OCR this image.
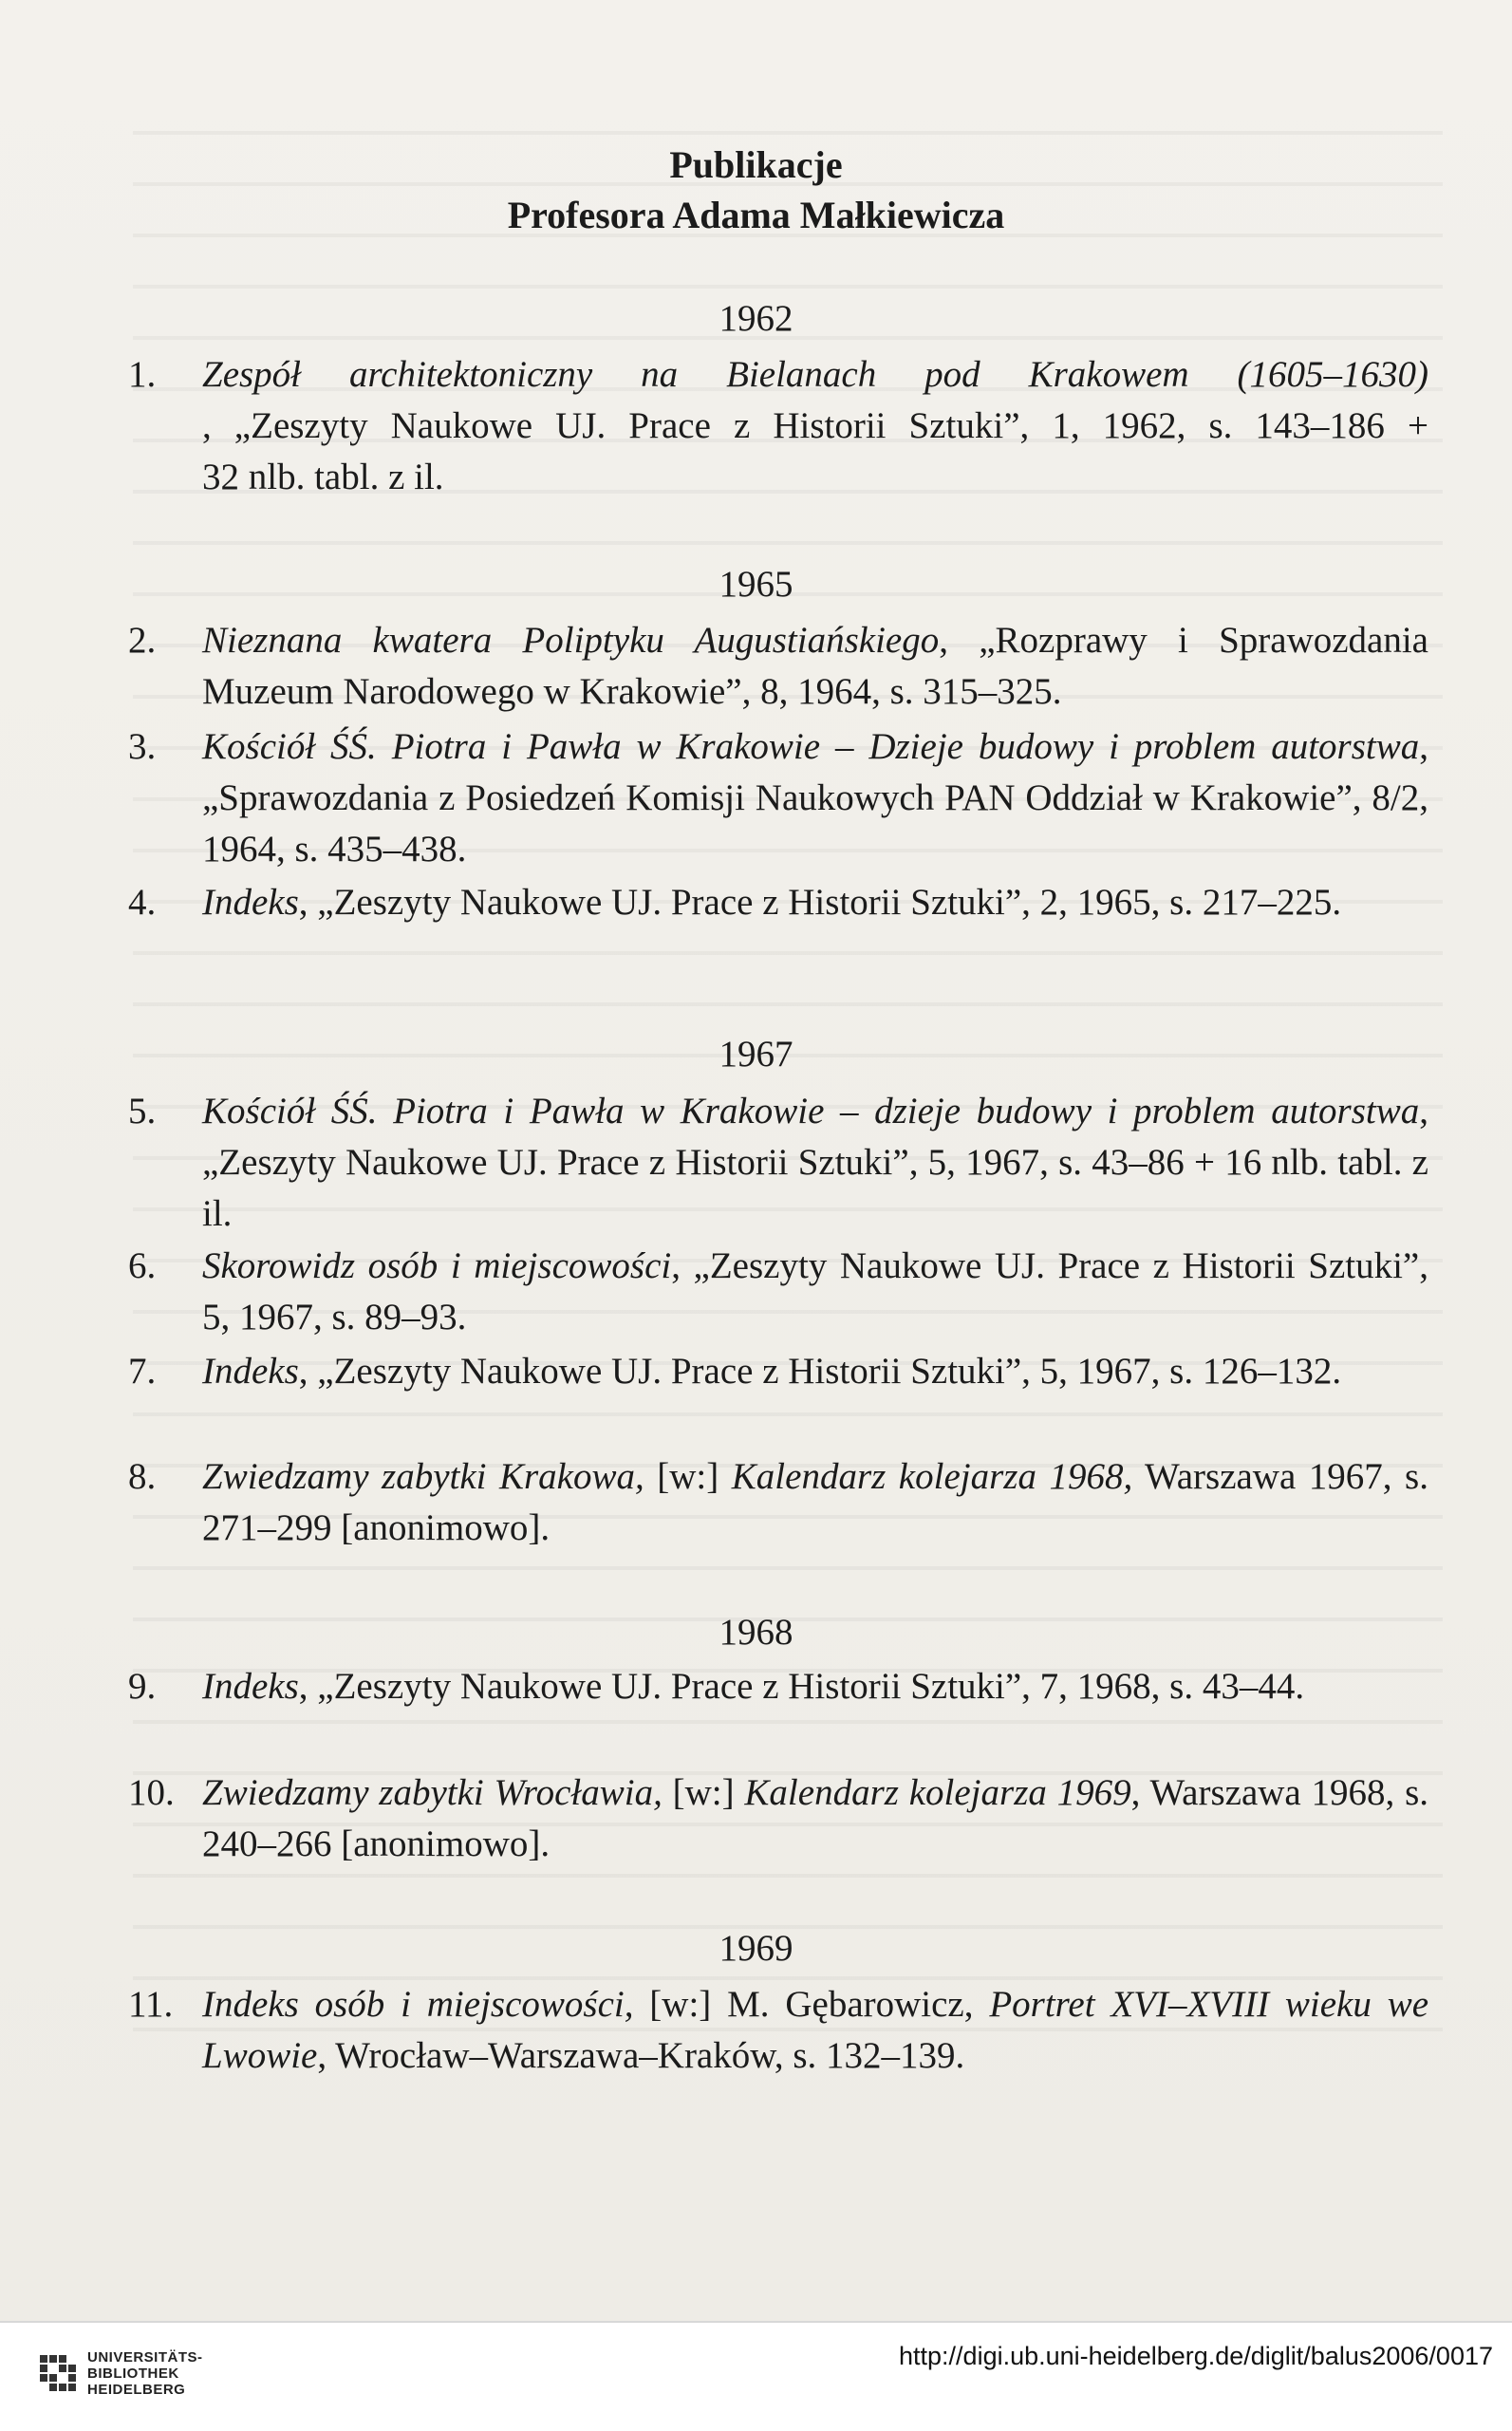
Publikacje
Profesora Adama Małkiewicza
1962
1.	Zespół architektoniczny na Bielanach pod Krakowem (1605–1630)
, „Zeszyty Naukowe UJ. Prace z Historii Sztuki”, 1, 1962, s. 143–186 +
32 nlb. tabl. z il.
1965
2.	Nieznana kwatera Poliptyku Augustiańskiego, „Rozprawy i Sprawozdania Muzeum Narodowego w Krakowie”, 8, 1964, s. 315–325.
3.	Kościół ŚŚ. Piotra i Pawła w Krakowie – Dzieje budowy i problem autorstwa, „Sprawozdania z Posiedzeń Komisji Naukowych PAN Oddział w Krakowie”, 8/2, 1964, s. 435–438.
4.	Indeks, „Zeszyty Naukowe UJ. Prace z Historii Sztuki”, 2, 1965, s. 217–225.
1967
5.	Kościół ŚŚ. Piotra i Pawła w Krakowie – dzieje budowy i problem autorstwa, „Zeszyty Naukowe UJ. Prace z Historii Sztuki”, 5, 1967, s. 43–86 + 16 nlb. tabl. z il.
6.	Skorowidz osób i miejscowości, „Zeszyty Naukowe UJ. Prace z Historii Sztuki”, 5, 1967, s. 89–93.
7.	Indeks, „Zeszyty Naukowe UJ. Prace z Historii Sztuki”, 5, 1967, s. 126–132.
8.	Zwiedzamy zabytki Krakowa, [w:] Kalendarz kolejarza 1968, Warszawa 1967, s. 271–299 [anonimowo].
1968
9.	Indeks, „Zeszyty Naukowe UJ. Prace z Historii Sztuki”, 7, 1968, s. 43–44.
10. Zwiedzamy zabytki Wrocławia, [w:] Kalendarz kolejarza 1969, Warszawa 1968, s. 240–266 [anonimowo].
1969
11. Indeks osób i miejscowości, [w:] M. Gębarowicz, Portret XVI–XVIII wieku we Lwowie, Wrocław–Warszawa–Kraków, s. 132–139.
UNIVERSITÄTS-
BIBLIOTHEK
HEIDELBERG
http://digi.ub.uni-heidelberg.de/diglit/balus2006/0017
